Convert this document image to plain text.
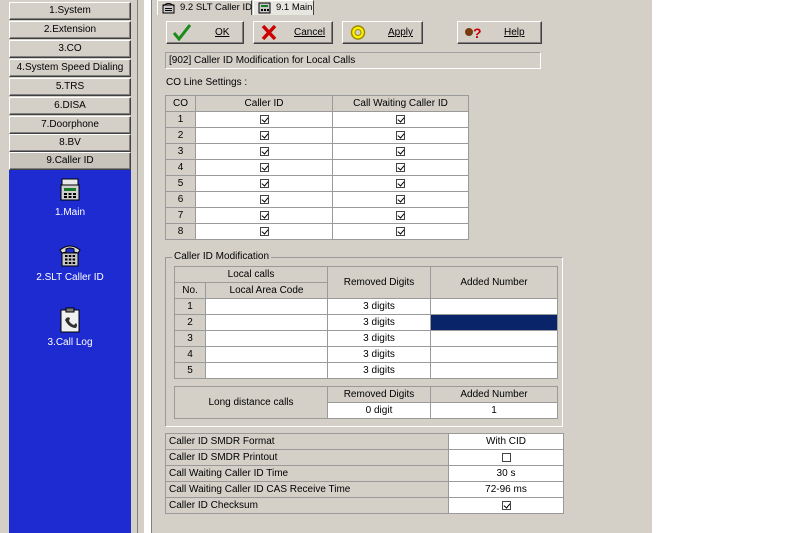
1.System
2.Extension
3.CO
4.System Speed Dialing
5.TRS
6.DISA
7.Doorphone
8.BV
9.Caller ID
1.Main
2.SLT Caller ID
3.Call Log
9.2 SLT Caller ID	9.1 Main
OK	Cancel	Apply	? Help
[902] Caller ID Modification for Local Calls
CO Line Settings :
CO	Caller ID	Call Waiting Caller ID
1		
2		
3		
4		
5		
6		
7		
8		
Caller ID Modification
Local calls		Removed Digits	Added Number
No.	Local Area Code		
1		3 digits	
2		3 digits	
3		3 digits	
4		3 digits	
5		3 digits	
Long distance calls	Removed Digits	Added Number
	0 digit	1
Caller ID SMDR Format	With CID
Caller ID SMDR Printout	
Call Waiting Caller ID Time	30 s
Call Waiting Caller ID CAS Receive Time	72-96 ms
Caller ID Checksum	
